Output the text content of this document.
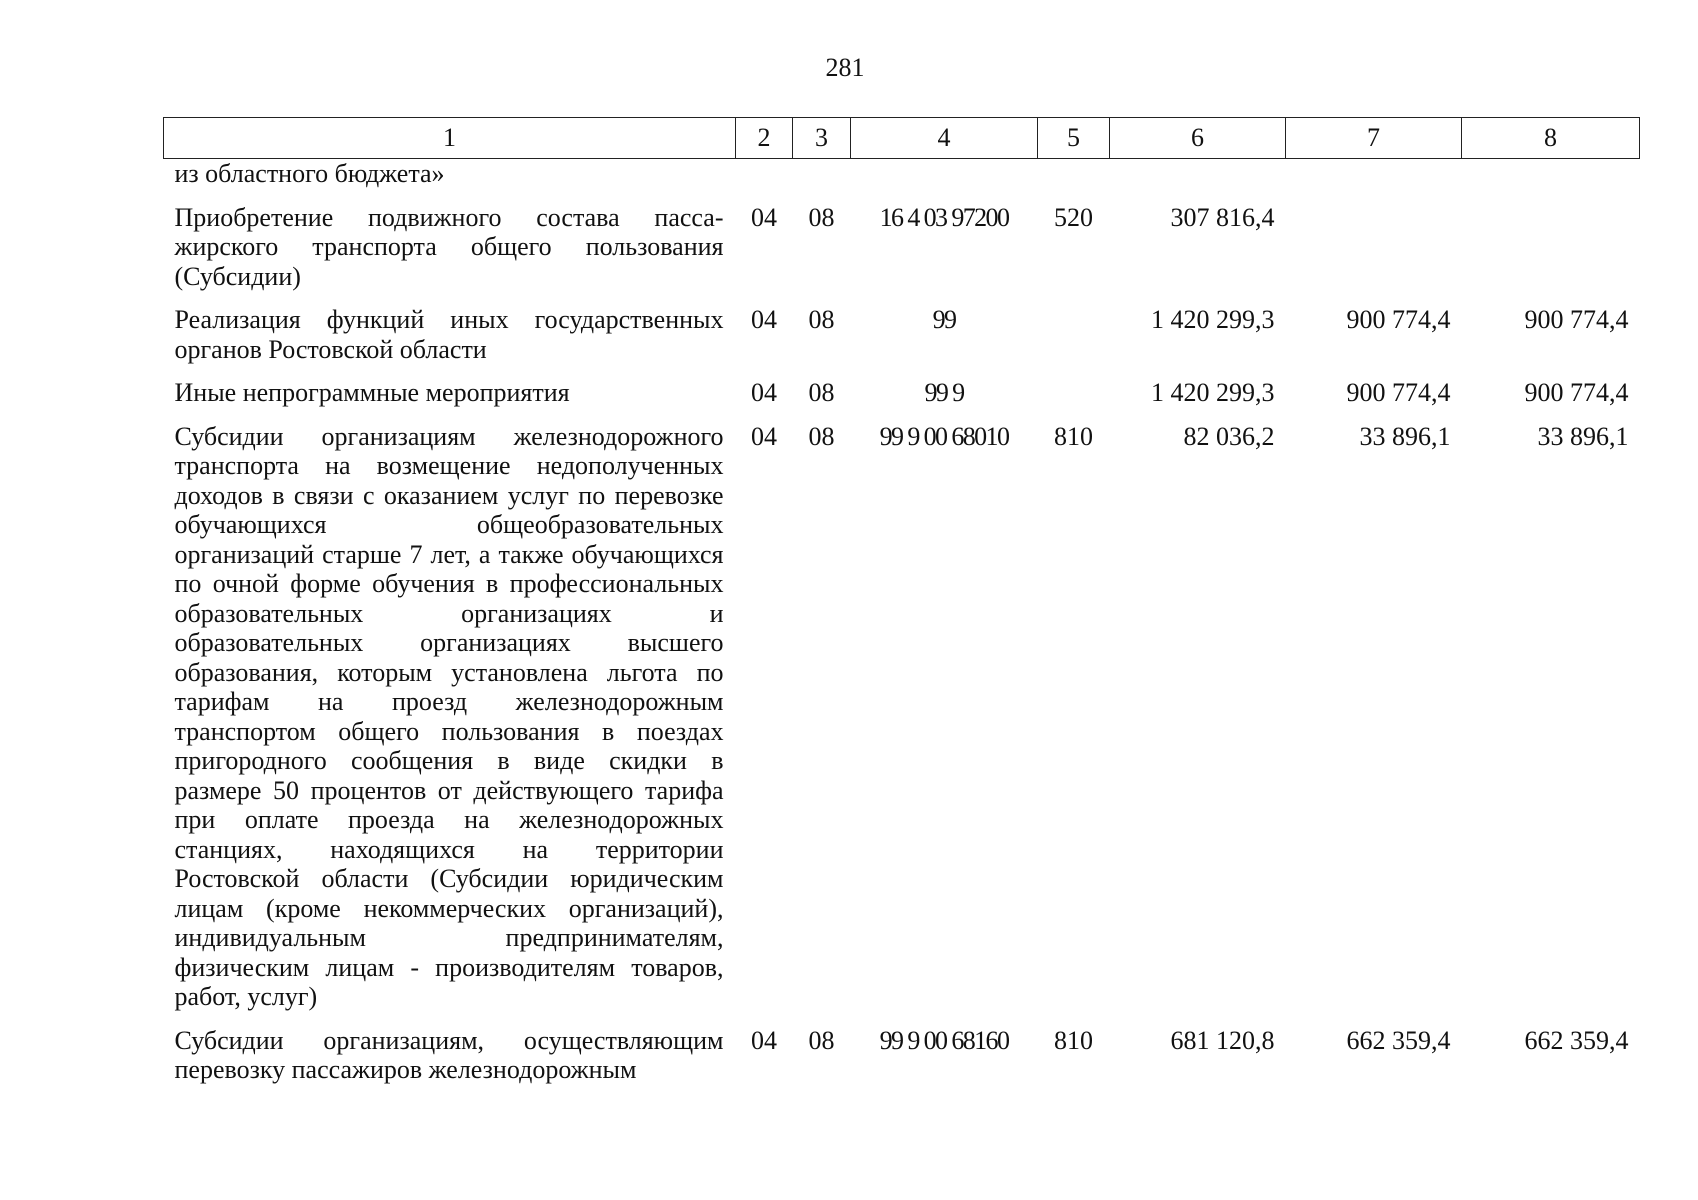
281
1	2	3	4	5	6	7	8
из областного бюджета»							
Приобретение подвижного состава пассажирского транспорта общего пользования (Субсидии)	04	08	16 4 03 97200	520	307 816,4		
Реализация функций иных государственных органов Ростовской области	04	08	99		1 420 299,3	900 774,4	900 774,4
Иные непрограммные мероприятия	04	08	99 9		1 420 299,3	900 774,4	900 774,4
Субсидии организациям железнодорожного транспорта на возмещение недополученных доходов в связи с оказанием услуг по перевозке обучающихся общеобразовательных организаций старше 7 лет, а также обучающихся по очной форме обучения в профессиональных образовательных организациях и образовательных организациях высшего образования, которым установлена льгота по тарифам на проезд железнодорожным транспортом общего пользования в поездах пригородного сообщения в виде скидки в размере 50 процентов от действующего тарифа при оплате проезда на железнодорожных станциях, находящихся на территории Ростовской области (Субсидии юридическим лицам (кроме некоммерческих организаций), индивидуальным предпринимателям, физическим лицам - производителям товаров, работ, услуг)	04	08	99 9 00 68010	810	82 036,2	33 896,1	33 896,1
Субсидии организациям, осуществляющим перевозку пассажиров железнодорожным	04	08	99 9 00 68160	810	681 120,8	662 359,4	662 359,4
